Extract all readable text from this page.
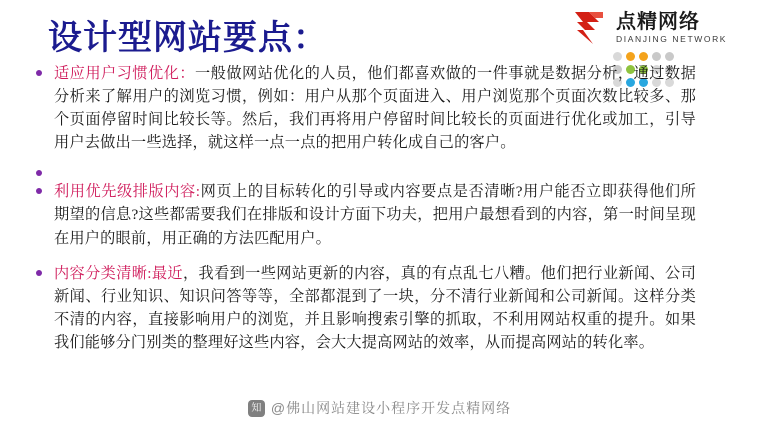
点精网络
DIANJING NETWORK
设计型网站要点：
适应用户习惯优化：一般做网站优化的人员，他们都喜欢做的一件事就是数据分析，通过数据分析来了解用户的浏览习惯，例如：用户从那个页面进入、用户浏览那个页面次数比较多、那个页面停留时间比较长等。然后，我们再将用户停留时间比较长的页面进行优化或加工，引导用户去做出一些选择，就这样一点一点的把用户转化成自己的客户。
利用优先级排版内容:网页上的目标转化的引导或内容要点是否清晰?用户能否立即获得他们所期望的信息?这些都需要我们在排版和设计方面下功夫，把用户最想看到的内容，第一时间呈现在用户的眼前，用正确的方法匹配用户。
内容分类清晰:最近，我看到一些网站更新的内容，真的有点乱七八糟。他们把行业新闻、公司新闻、行业知识、知识问答等等，全部都混到了一块，分不清行业新闻和公司新闻。这样分类不清的内容，直接影响用户的浏览，并且影响搜索引擎的抓取，不利用网站权重的提升。如果我们能够分门别类的整理好这些内容，会大大提高网站的效率，从而提高网站的转化率。
知 @佛山网站建设小程序开发点精网络
